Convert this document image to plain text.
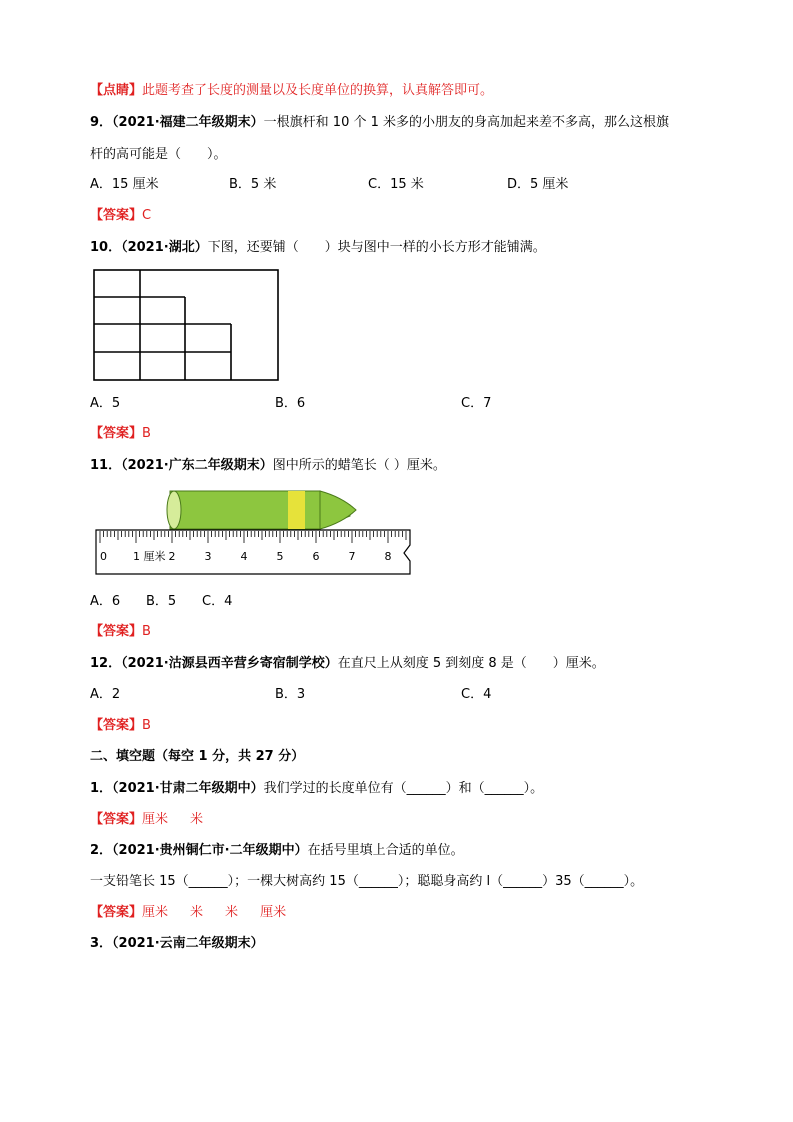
【点睛】此题考查了长度的测量以及长度单位的换算，认真解答即可。
9．（2021·福建二年级期末）一根旗杆和 10 个 1 米多的小朋友的身高加起来差不多高，那么这根旗
杆的高可能是（　　）。
A．15 厘米	B．5 米	C．15 米	D．5 厘米
【答案】C
10．（2021·湖北）下图，还要铺（　　）块与图中一样的小长方形才能铺满。
A．5	B．6	C．7
【答案】B
11．（2021·广东二年级期末）图中所示的蜡笔长（ ）厘米。
0 1 厘米 2	3	4	5	6	7	8
A．6 B．5 C．4
【答案】B
12．（2021·沽源县西辛营乡寄宿制学校）在直尺上从刻度 5 到刻度 8 是（　　）厘米。
A．2	B．3	C．4
【答案】B
二、填空题（每空 1 分，共 27 分）
1．（2021·甘肃二年级期中）我们学过的长度单位有（______）和（______）。
【答案】厘米 米
2．（2021·贵州铜仁市·二年级期中）在括号里填上合适的单位。
一支铅笔长 15（______）；一棵大树高约 15（______）；聪聪身高约 l（______）35（______）。
【答案】厘米 米 米 厘米
3．（2021·云南二年级期末）
